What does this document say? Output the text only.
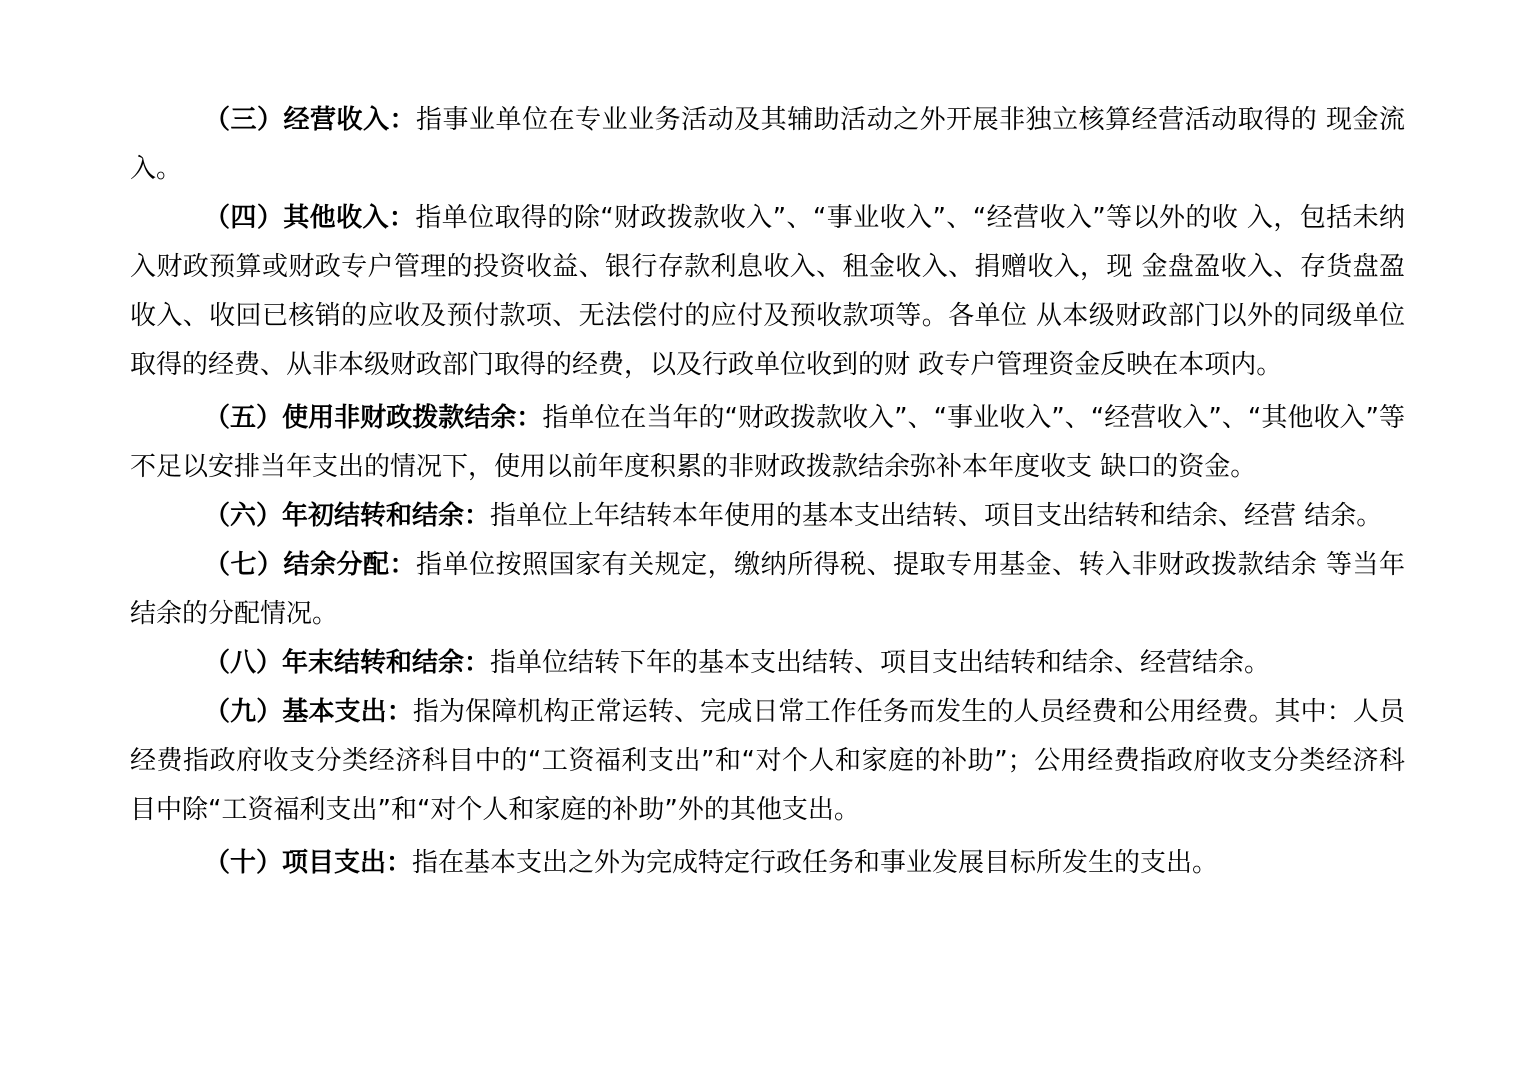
（三）经营收入：指事业单位在专业业务活动及其辅助活动之外开展非独立核算经营活动取得的 现金流入。

（四）其他收入：指单位取得的除“财政拨款收入”、“事业收入”、“经营收入”等以外的收 入，包括未纳入财政预算或财政专户管理的投资收益、银行存款利息收入、租金收入、捐赠收入，现 金盘盈收入、存货盘盈收入、收回已核销的应收及预付款项、无法偿付的应付及预收款项等。各单位 从本级财政部门以外的同级单位取得的经费、从非本级财政部门取得的经费，以及行政单位收到的财 政专户管理资金反映在本项内。

（五）使用非财政拨款结余：指单位在当年的“财政拨款收入”、“事业收入”、“经营收入”、“其他收入”等不足以安排当年支出的情况下，使用以前年度积累的非财政拨款结余弥补本年度收支 缺口的资金。

（六）年初结转和结余：指单位上年结转本年使用的基本支出结转、项目支出结转和结余、经营 结余。

（七）结余分配：指单位按照国家有关规定，缴纳所得税、提取专用基金、转入非财政拨款结余 等当年结余的分配情况。

（八）年末结转和结余：指单位结转下年的基本支出结转、项目支出结转和结余、经营结余。

（九）基本支出：指为保障机构正常运转、完成日常工作任务而发生的人员经费和公用经费。其中：人员经费指政府收支分类经济科目中的“工资福利支出”和“对个人和家庭的补助”；公用经费指政府收支分类经济科目中除“工资福利支出”和“对个人和家庭的补助”外的其他支出。

（十）项目支出：指在基本支出之外为完成特定行政任务和事业发展目标所发生的支出。
